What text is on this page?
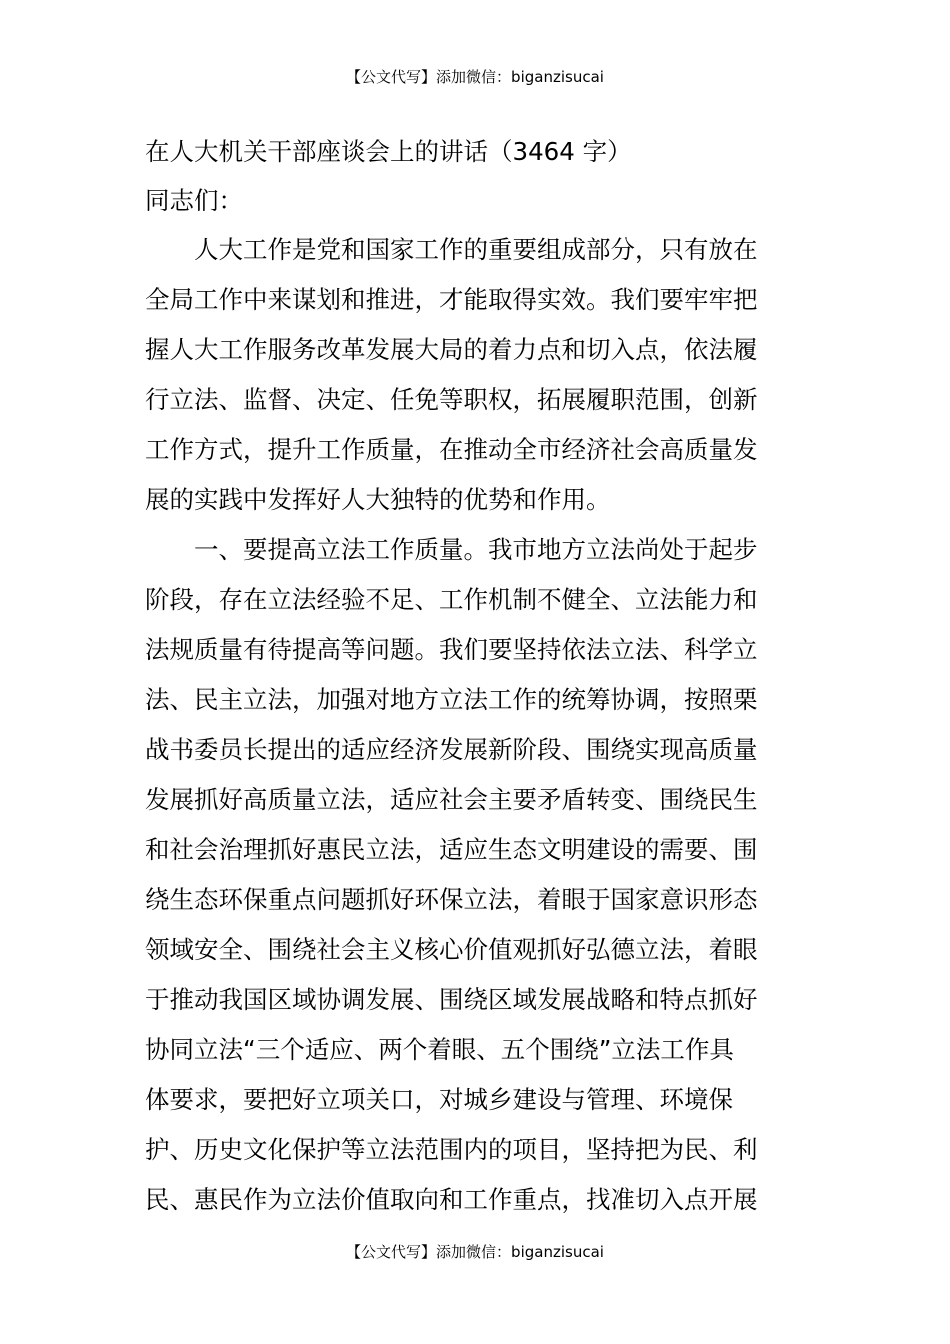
【公文代写】添加微信：biganzisucai
在人大机关干部座谈会上的讲话（3464 字）
同志们：
人大工作是党和国家工作的重要组成部分，只有放在
全局工作中来谋划和推进，才能取得实效。我们要牢牢把
握人大工作服务改革发展大局的着力点和切入点，依法履
行立法、监督、决定、任免等职权，拓展履职范围，创新
工作方式，提升工作质量，在推动全市经济社会高质量发
展的实践中发挥好人大独特的优势和作用。
一、要提高立法工作质量。我市地方立法尚处于起步
阶段，存在立法经验不足、工作机制不健全、立法能力和
法规质量有待提高等问题。我们要坚持依法立法、科学立
法、民主立法，加强对地方立法工作的统筹协调，按照栗
战书委员长提出的适应经济发展新阶段、围绕实现高质量
发展抓好高质量立法，适应社会主要矛盾转变、围绕民生
和社会治理抓好惠民立法，适应生态文明建设的需要、围
绕生态环保重点问题抓好环保立法，着眼于国家意识形态
领域安全、围绕社会主义核心价值观抓好弘德立法，着眼
于推动我国区域协调发展、围绕区域发展战略和特点抓好
协同立法“三个适应、两个着眼、五个围绕”立法工作具
体要求，要把好立项关口，对城乡建设与管理、环境保
护、历史文化保护等立法范围内的项目，坚持把为民、利
民、惠民作为立法价值取向和工作重点，找准切入点开展
【公文代写】添加微信：biganzisucai
